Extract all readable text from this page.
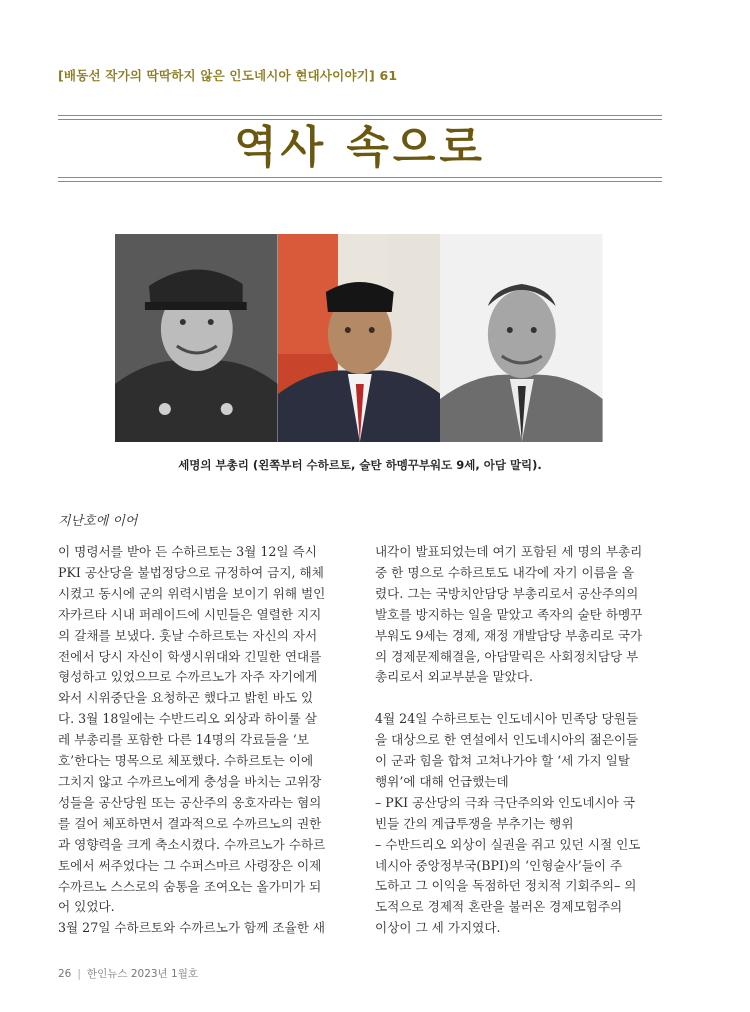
[배동선 작가의 딱딱하지 않은 인도네시아 현대사이야기] 61
역사 속으로

세명의 부총리 (왼쪽부터 수하르토, 술탄 하멩꾸부워도 9세, 아담 말릭).

지난호에 이어

이 명령서를 받아 든 수하르토는 3월 12일 즉시
PKI 공산당을 불법정당으로 규정하여 금지, 해체
시켰고 동시에 군의 위력시범을 보이기 위해 벌인
자카르타 시내 퍼레이드에 시민들은 열렬한 지지
의 갈채를 보냈다. 훗날 수하르토는 자신의 자서
전에서 당시 자신이 학생시위대와 긴밀한 연대를
형성하고 있었으므로 수까르노가 자주 자기에게
와서 시위중단을 요청하곤 했다고 밝힌 바도 있
다. 3월 18일에는 수반드리오 외상과 하이룰 살
레 부총리를 포함한 다른 14명의 각료들을 ‘보
호’한다는 명목으로 체포했다. 수하르토는 이에
그치지 않고 수까르노에게 충성을 바치는 고위장
성들을 공산당원 또는 공산주의 옹호자라는 혐의
를 걸어 체포하면서 결과적으로 수까르노의 권한
과 영향력을 크게 축소시켰다. 수까르노가 수하르
토에서 써주었다는 그 수퍼스마르 사령장은 이제
수까르노 스스로의 숨통을 조여오는 올가미가 되
어 있었다.
3월 27일 수하르토와 수까르노가 함께 조율한 새
내각이 발표되었는데 여기 포함된 세 명의 부총리
중 한 명으로 수하르토도 내각에 자기 이름을 올
렸다. 그는 국방치안담당 부총리로서 공산주의의
발호를 방지하는 일을 맡았고 족자의 술탄 하멩꾸
부워도 9세는 경제, 재정 개발담당 부총리로 국가
의 경제문제해결을, 아담말릭은 사회정치담당 부
총리로서 외교부분을 맡았다.
4월 24일 수하르토는 인도네시아 민족당 당원들
을 대상으로 한 연설에서 인도네시아의 젊은이들
이 군과 힘을 합쳐 고쳐나가야 할 ‘세 가지 일탈
행위’에 대해 언급했는데
– PKI 공산당의 극좌 극단주의와 인도네시아 국
빈들 간의 계급투쟁을 부추기는 행위
– 수반드리오 외상이 실권을 쥐고 있던 시절 인도
네시아 중앙정부국(BPI)의 ‘인형술사’들이 주
도하고 그 이익을 독점하던 정치적 기회주의– 의
도적으로 경제적 혼란을 불러온 경제모험주의
이상이 그 세 가지였다.
26 | 한인뉴스 2023년 1월호
